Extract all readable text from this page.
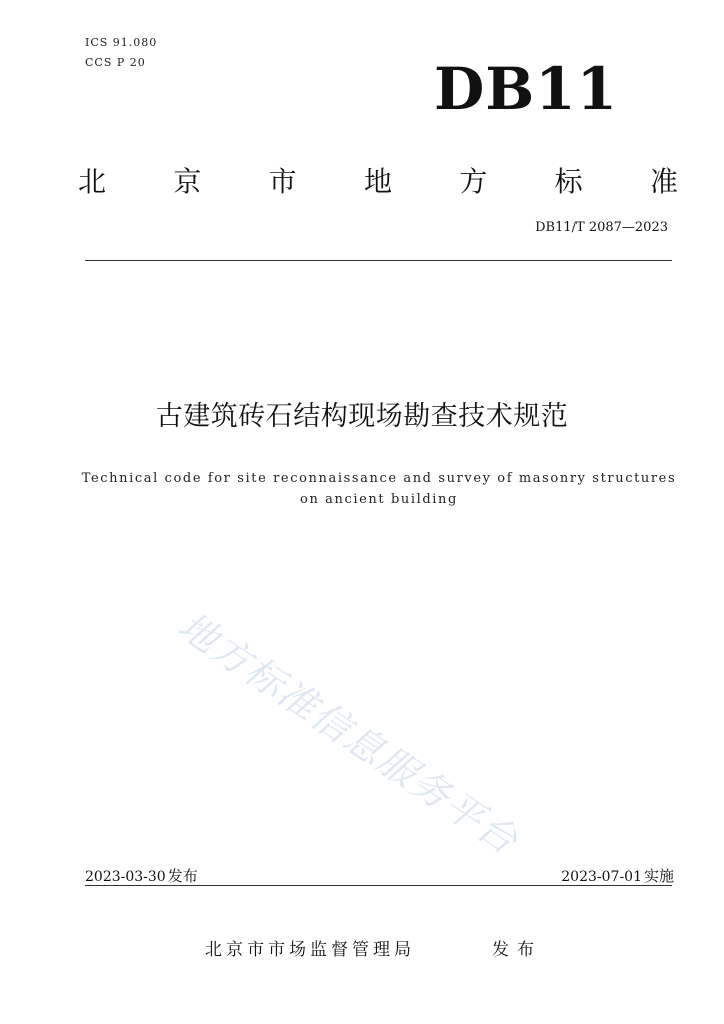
ICS 91.080
CCS P 20	DB11
北 京 市 地 方 标 准
DB11/T 2087—2023
古建筑砖石结构现场勘查技术规范
Technical code for site reconnaissance and survey of masonry structures
on ancient building
地方标准信息服务平台
2023-03-30 发布	2023-07-01 实施
北京市市场监督管理局	发布
